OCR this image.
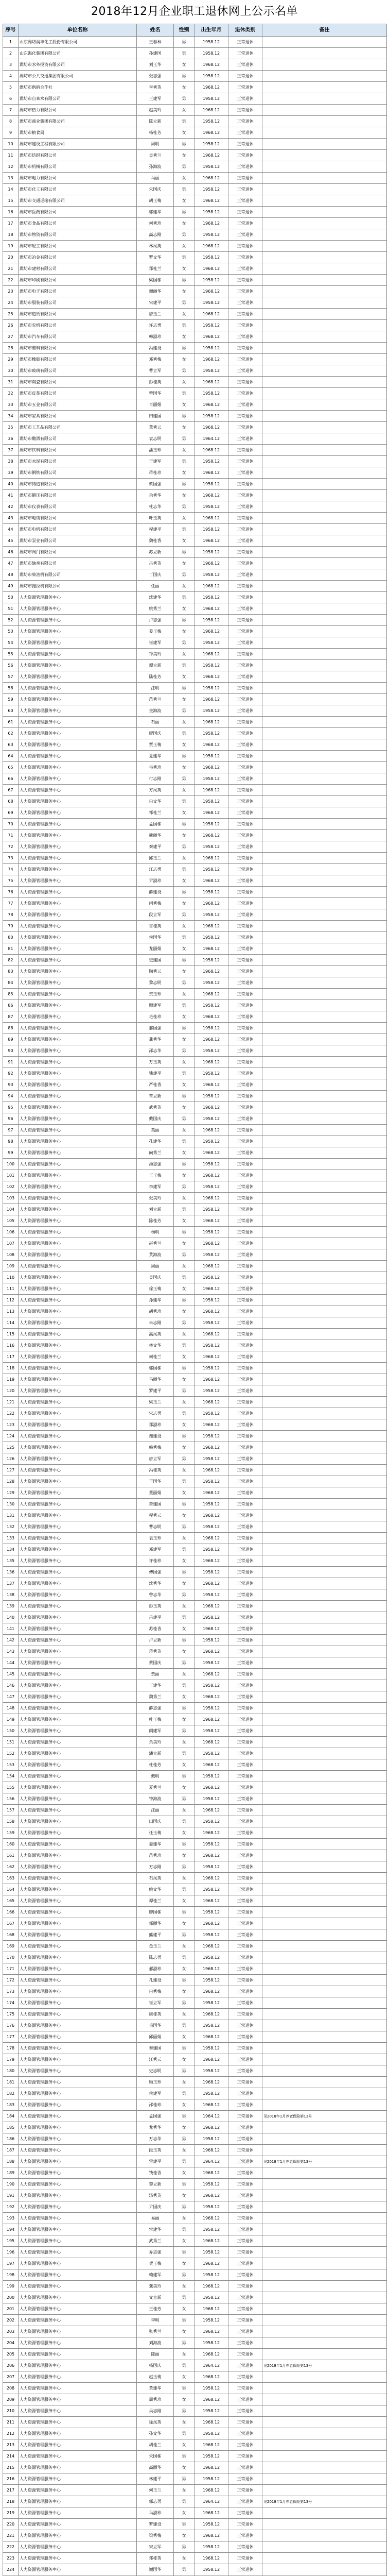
2018年12月企业职工退休网上公示名单
序号	单位名称	姓名	性别	出生年月	退休类别	备注
1	山东潍坊润丰化工股份有限公司	王春林	男	1958.12	正常退休	
2	山东海化集团有限公司	孙建国	男	1958.12	正常退休	
3	潍坊市水务投资有限公司	刘玉华	女	1968.12	正常退休	
4	潍坊市公共交通集团有限公司	张志强	男	1958.12	正常退休	
5	潍坊市供销合作社	李秀英	女	1968.12	正常退休	
6	潍坊市自来水有限公司	王建军	男	1958.12	正常退休	
7	潍坊市热力有限公司	赵美玲	女	1968.12	正常退休	
8	潍坊市商业集团有限公司	陈立新	男	1958.12	正常退休	
9	潍坊市粮食局	杨桂芳	女	1968.12	正常退休	
10	潍坊市建设工程有限公司	周明	男	1958.12	正常退休	
11	潍坊市纺织有限公司	吴秀兰	女	1968.12	正常退休	
12	潍坊市机械有限公司	孙海波	男	1958.12	正常退休	
13	潍坊市电力有限公司	马丽	女	1968.12	正常退休	
14	潍坊市化工有限公司	朱国庆	男	1958.12	正常退休	
15	潍坊市交通运输有限公司	胡玉梅	女	1968.12	正常退休	
16	潍坊市医药有限公司	郭建华	男	1958.12	正常退休	
17	潍坊市食品有限公司	何秀珍	女	1968.12	正常退休	
18	潍坊市物资有限公司	高志刚	男	1958.12	正常退休	
19	潍坊市轻工有限公司	林凤英	女	1968.12	正常退休	
20	潍坊市冶金有限公司	罗文华	男	1958.12	正常退休	
21	潍坊市建材有限公司	郑桂兰	女	1968.12	正常退休	
22	潍坊市印刷有限公司	梁国栋	男	1958.12	正常退休	
23	潍坊市电子有限公司	谢丽华	女	1968.12	正常退休	
24	潍坊市服装有限公司	宋建平	男	1958.12	正常退休	
25	潍坊市造纸有限公司	唐玉兰	女	1968.12	正常退休	
26	潍坊市农机有限公司	许志勇	男	1958.12	正常退休	
27	潍坊市汽车有限公司	韩淑珍	女	1968.12	正常退休	
28	潍坊市塑料有限公司	冯建设	男	1958.12	正常退休	
29	潍坊市橡胶有限公司	邓秀梅	女	1968.12	正常退休	
30	潍坊市玻璃有限公司	曹立军	男	1958.12	正常退休	
31	潍坊市陶瓷有限公司	彭桂英	女	1968.12	正常退休	
32	潍坊市皮革有限公司	曾国华	男	1958.12	正常退休	
33	潍坊市五金有限公司	肖丽娟	女	1968.12	正常退休	
34	潍坊市家具有限公司	田建国	男	1958.12	正常退休	
35	潍坊市工艺品有限公司	董秀云	女	1968.12	正常退休	
36	潍坊市酿酒有限公司	袁志明	男	1964.12	正常退休	
37	潍坊市饮料有限公司	潘玉珍	女	1968.12	正常退休	
38	潍坊市水泥有限公司	于建军	男	1958.12	正常退休	
39	潍坊市钢铁有限公司	蒋桂珍	女	1968.12	正常退休	
40	潍坊市铸造有限公司	蔡国强	男	1958.12	正常退休	
41	潍坊市锻压有限公司	余秀华	女	1968.12	正常退休	
42	潍坊市仪表有限公司	杜志华	男	1958.12	正常退休	
43	潍坊市电缆有限公司	叶玉英	女	1968.12	正常退休	
44	潍坊市电机有限公司	程建平	男	1958.12	正常退休	
45	潍坊市泵业有限公司	魏桂香	女	1968.12	正常退休	
46	潍坊市阀门有限公司	苏立新	男	1958.12	正常退休	
47	潍坊市轴承有限公司	吕秀英	女	1968.12	正常退休	
48	潍坊市柴油机有限公司	丁国庆	男	1958.12	正常退休	
49	潍坊市拖拉机有限公司	任丽	女	1968.12	正常退休	
50	人力资源管理服务中心	沈建华	男	1958.12	正常退休	
51	人力资源管理服务中心	姚秀兰	女	1968.12	正常退休	
52	人力资源管理服务中心	卢志强	男	1958.12	正常退休	
53	人力资源管理服务中心	姜玉梅	女	1968.12	正常退休	
54	人力资源管理服务中心	崔建军	男	1958.12	正常退休	
55	人力资源管理服务中心	钟美玲	女	1968.12	正常退休	
56	人力资源管理服务中心	谭立新	男	1958.12	正常退休	
57	人力资源管理服务中心	陆桂芳	女	1968.12	正常退休	
58	人力资源管理服务中心	汪明	男	1958.12	正常退休	
59	人力资源管理服务中心	范秀兰	女	1968.12	正常退休	
60	人力资源管理服务中心	金海波	男	1958.12	正常退休	
61	人力资源管理服务中心	石丽	女	1968.12	正常退休	
62	人力资源管理服务中心	廖国庆	男	1958.12	正常退休	
63	人力资源管理服务中心	贾玉梅	女	1968.12	正常退休	
64	人力资源管理服务中心	夏建华	男	1958.12	正常退休	
65	人力资源管理服务中心	韦秀珍	女	1968.12	正常退休	
66	人力资源管理服务中心	付志刚	男	1958.12	正常退休	
67	人力资源管理服务中心	方凤英	女	1968.12	正常退休	
68	人力资源管理服务中心	白文华	男	1958.12	正常退休	
69	人力资源管理服务中心	邹桂兰	女	1968.12	正常退休	
70	人力资源管理服务中心	孟国栋	男	1958.12	正常退休	
71	人力资源管理服务中心	熊丽华	女	1968.12	正常退休	
72	人力资源管理服务中心	秦建平	男	1958.12	正常退休	
73	人力资源管理服务中心	邱玉兰	女	1968.12	正常退休	
74	人力资源管理服务中心	江志勇	男	1958.12	正常退休	
75	人力资源管理服务中心	尹淑珍	女	1968.12	正常退休	
76	人力资源管理服务中心	薛建设	男	1958.12	正常退休	
77	人力资源管理服务中心	闫秀梅	女	1968.12	正常退休	
78	人力资源管理服务中心	段立军	男	1958.12	正常退休	
79	人力资源管理服务中心	雷桂英	女	1968.12	正常退休	
80	人力资源管理服务中心	侯国华	男	1958.12	正常退休	
81	人力资源管理服务中心	龙丽娟	女	1968.12	正常退休	
82	人力资源管理服务中心	史建国	男	1958.12	正常退休	
83	人力资源管理服务中心	陶秀云	女	1968.12	正常退休	
84	人力资源管理服务中心	黎志明	男	1958.12	正常退休	
85	人力资源管理服务中心	贺玉珍	女	1968.12	正常退休	
86	人力资源管理服务中心	顾建军	男	1958.12	正常退休	
87	人力资源管理服务中心	毛桂珍	女	1968.12	正常退休	
88	人力资源管理服务中心	郝国强	男	1958.12	正常退休	
89	人力资源管理服务中心	龚秀华	女	1968.12	正常退休	
90	人力资源管理服务中心	邵志华	男	1958.12	正常退休	
91	人力资源管理服务中心	万玉英	女	1968.12	正常退休	
92	人力资源管理服务中心	钱建平	男	1958.12	正常退休	
93	人力资源管理服务中心	严桂香	女	1968.12	正常退休	
94	人力资源管理服务中心	覃立新	男	1958.12	正常退休	
95	人力资源管理服务中心	武秀英	女	1968.12	正常退休	
96	人力资源管理服务中心	戴国庆	男	1958.12	正常退休	
97	人力资源管理服务中心	莫丽	女	1968.12	正常退休	
98	人力资源管理服务中心	孔建华	男	1958.12	正常退休	
99	人力资源管理服务中心	向秀兰	女	1968.12	正常退休	
100	人力资源管理服务中心	汤志强	男	1958.12	正常退休	
101	人力资源管理服务中心	王玉梅	女	1968.12	正常退休	
102	人力资源管理服务中心	李建军	男	1958.12	正常退休	
103	人力资源管理服务中心	张美玲	女	1968.12	正常退休	
104	人力资源管理服务中心	刘立新	男	1958.12	正常退休	
105	人力资源管理服务中心	陈桂芳	女	1968.12	正常退休	
106	人力资源管理服务中心	杨明	男	1958.12	正常退休	
107	人力资源管理服务中心	赵秀兰	女	1968.12	正常退休	
108	人力资源管理服务中心	黄海波	男	1958.12	正常退休	
109	人力资源管理服务中心	周丽	女	1968.12	正常退休	
110	人力资源管理服务中心	吴国庆	男	1958.12	正常退休	
111	人力资源管理服务中心	徐玉梅	女	1968.12	正常退休	
112	人力资源管理服务中心	孙建华	男	1958.12	正常退休	
113	人力资源管理服务中心	胡秀珍	女	1968.12	正常退休	
114	人力资源管理服务中心	朱志刚	男	1958.12	正常退休	
115	人力资源管理服务中心	高凤英	女	1968.12	正常退休	
116	人力资源管理服务中心	林文华	男	1958.12	正常退休	
117	人力资源管理服务中心	何桂兰	女	1968.12	正常退休	
118	人力资源管理服务中心	郭国栋	男	1958.12	正常退休	
119	人力资源管理服务中心	马丽华	女	1968.12	正常退休	
120	人力资源管理服务中心	罗建平	男	1958.12	正常退休	
121	人力资源管理服务中心	梁玉兰	女	1968.12	正常退休	
122	人力资源管理服务中心	宋志勇	男	1958.12	正常退休	
123	人力资源管理服务中心	郑淑珍	女	1968.12	正常退休	
124	人力资源管理服务中心	谢建设	男	1958.12	正常退休	
125	人力资源管理服务中心	韩秀梅	女	1968.12	正常退休	
126	人力资源管理服务中心	唐立军	男	1958.12	正常退休	
127	人力资源管理服务中心	冯桂英	女	1968.12	正常退休	
128	人力资源管理服务中心	于国华	男	1958.12	正常退休	
129	人力资源管理服务中心	董丽娟	女	1968.12	正常退休	
130	人力资源管理服务中心	萧建国	男	1958.12	正常退休	
131	人力资源管理服务中心	程秀云	女	1968.12	正常退休	
132	人力资源管理服务中心	曹志明	男	1958.12	正常退休	
133	人力资源管理服务中心	袁玉珍	女	1968.12	正常退休	
134	人力资源管理服务中心	邓建军	男	1958.12	正常退休	
135	人力资源管理服务中心	许桂珍	女	1968.12	正常退休	
136	人力资源管理服务中心	傅国强	男	1958.12	正常退休	
137	人力资源管理服务中心	沈秀华	女	1968.12	正常退休	
138	人力资源管理服务中心	曾志华	男	1958.12	正常退休	
139	人力资源管理服务中心	彭玉英	女	1968.12	正常退休	
140	人力资源管理服务中心	吕建平	男	1958.12	正常退休	
141	人力资源管理服务中心	苏桂香	女	1968.12	正常退休	
142	人力资源管理服务中心	卢立新	男	1958.12	正常退休	
143	人力资源管理服务中心	蒋秀英	女	1968.12	正常退休	
144	人力资源管理服务中心	蔡国庆	男	1958.12	正常退休	
145	人力资源管理服务中心	贾丽	女	1968.12	正常退休	
146	人力资源管理服务中心	丁建华	男	1958.12	正常退休	
147	人力资源管理服务中心	魏秀兰	女	1968.12	正常退休	
148	人力资源管理服务中心	薛志强	男	1958.12	正常退休	
149	人力资源管理服务中心	叶玉梅	女	1968.12	正常退休	
150	人力资源管理服务中心	阎建军	男	1958.12	正常退休	
151	人力资源管理服务中心	余美玲	女	1968.12	正常退休	
152	人力资源管理服务中心	潘立新	男	1958.12	正常退休	
153	人力资源管理服务中心	杜桂芳	女	1968.12	正常退休	
154	人力资源管理服务中心	戴明	男	1958.12	正常退休	
155	人力资源管理服务中心	夏秀兰	女	1968.12	正常退休	
156	人力资源管理服务中心	钟海波	男	1958.12	正常退休	
157	人力资源管理服务中心	汪丽	女	1968.12	正常退休	
158	人力资源管理服务中心	田国庆	男	1958.12	正常退休	
159	人力资源管理服务中心	任玉梅	女	1968.12	正常退休	
160	人力资源管理服务中心	姜建华	男	1958.12	正常退休	
161	人力资源管理服务中心	范秀珍	女	1968.12	正常退休	
162	人力资源管理服务中心	方志刚	男	1958.12	正常退休	
163	人力资源管理服务中心	石凤英	女	1968.12	正常退休	
164	人力资源管理服务中心	姚文华	男	1958.12	正常退休	
165	人力资源管理服务中心	谭桂兰	女	1968.12	正常退休	
166	人力资源管理服务中心	廖国栋	男	1958.12	正常退休	
167	人力资源管理服务中心	邹丽华	女	1968.12	正常退休	
168	人力资源管理服务中心	熊建平	男	1958.12	正常退休	
169	人力资源管理服务中心	金玉兰	女	1968.12	正常退休	
170	人力资源管理服务中心	陆志勇	男	1958.12	正常退休	
171	人力资源管理服务中心	郝淑珍	女	1968.12	正常退休	
172	人力资源管理服务中心	孔建设	男	1958.12	正常退休	
173	人力资源管理服务中心	白秀梅	女	1968.12	正常退休	
174	人力资源管理服务中心	崔立军	男	1958.12	正常退休	
175	人力资源管理服务中心	康桂英	女	1968.12	正常退休	
176	人力资源管理服务中心	毛国华	男	1958.12	正常退休	
177	人力资源管理服务中心	邱丽娟	女	1968.12	正常退休	
178	人力资源管理服务中心	秦建国	男	1958.12	正常退休	
179	人力资源管理服务中心	江秀云	女	1968.12	正常退休	
180	人力资源管理服务中心	史志明	男	1958.12	正常退休	
181	人力资源管理服务中心	顾玉珍	女	1968.12	正常退休	
182	人力资源管理服务中心	侯建军	男	1958.12	正常退休	
183	人力资源管理服务中心	邵桂珍	女	1968.12	正常退休	
184	人力资源管理服务中心	孟国强	男	1964.12	正常退休	见2018年1月养老保险第13号
185	人力资源管理服务中心	龙秀华	女	1968.12	正常退休	
186	人力资源管理服务中心	万志华	男	1958.12	正常退休	
187	人力资源管理服务中心	段玉英	女	1968.12	正常退休	
188	人力资源管理服务中心	雷建平	男	1964.12	正常退休	见2018年1月养老保险第13号
189	人力资源管理服务中心	钱桂香	女	1968.12	正常退休	
190	人力资源管理服务中心	黎立新	男	1958.12	正常退休	
191	人力资源管理服务中心	汤秀英	女	1968.12	正常退休	
192	人力资源管理服务中心	尹国庆	男	1958.12	正常退休	
193	人力资源管理服务中心	易丽	女	1968.12	正常退休	
194	人力资源管理服务中心	常建华	男	1958.12	正常退休	
195	人力资源管理服务中心	武秀兰	女	1968.12	正常退休	
196	人力资源管理服务中心	乔志强	男	1958.12	正常退休	
197	人力资源管理服务中心	贺玉梅	女	1968.12	正常退休	
198	人力资源管理服务中心	赖建军	男	1958.12	正常退休	
199	人力资源管理服务中心	龚美玲	女	1968.12	正常退休	
200	人力资源管理服务中心	文立新	男	1958.12	正常退休	
201	人力资源管理服务中心	王桂芳	女	1968.12	正常退休	
202	人力资源管理服务中心	李明	男	1958.12	正常退休	
203	人力资源管理服务中心	张秀兰	女	1968.12	正常退休	
204	人力资源管理服务中心	刘海波	男	1958.12	正常退休	
205	人力资源管理服务中心	陈丽	女	1968.12	正常退休	
206	人力资源管理服务中心	杨国庆	男	1964.12	正常退休	见2018年1月养老保险第13号
207	人力资源管理服务中心	赵玉梅	女	1968.12	正常退休	
208	人力资源管理服务中心	黄建华	男	1958.12	正常退休	
209	人力资源管理服务中心	周秀珍	女	1968.12	正常退休	
210	人力资源管理服务中心	吴志刚	男	1958.12	正常退休	
211	人力资源管理服务中心	徐凤英	女	1968.12	正常退休	
212	人力资源管理服务中心	孙文华	男	1958.12	正常退休	
213	人力资源管理服务中心	胡桂兰	女	1968.12	正常退休	
214	人力资源管理服务中心	朱国栋	男	1958.12	正常退休	
215	人力资源管理服务中心	高丽华	女	1968.12	正常退休	
216	人力资源管理服务中心	林建平	男	1958.12	正常退休	
217	人力资源管理服务中心	何玉兰	女	1968.12	正常退休	
218	人力资源管理服务中心	郭志勇	男	1964.12	正常退休	见2018年1月养老保险第13号
219	人力资源管理服务中心	马淑珍	女	1968.12	正常退休	
220	人力资源管理服务中心	罗建设	男	1958.12	正常退休	
221	人力资源管理服务中心	梁秀梅	女	1968.12	正常退休	
222	人力资源管理服务中心	宋立军	男	1958.12	正常退休	
223	人力资源管理服务中心	郑桂英	女	1968.12	正常退休	
224	人力资源管理服务中心	谢国华	男	1958.12	正常退休	
